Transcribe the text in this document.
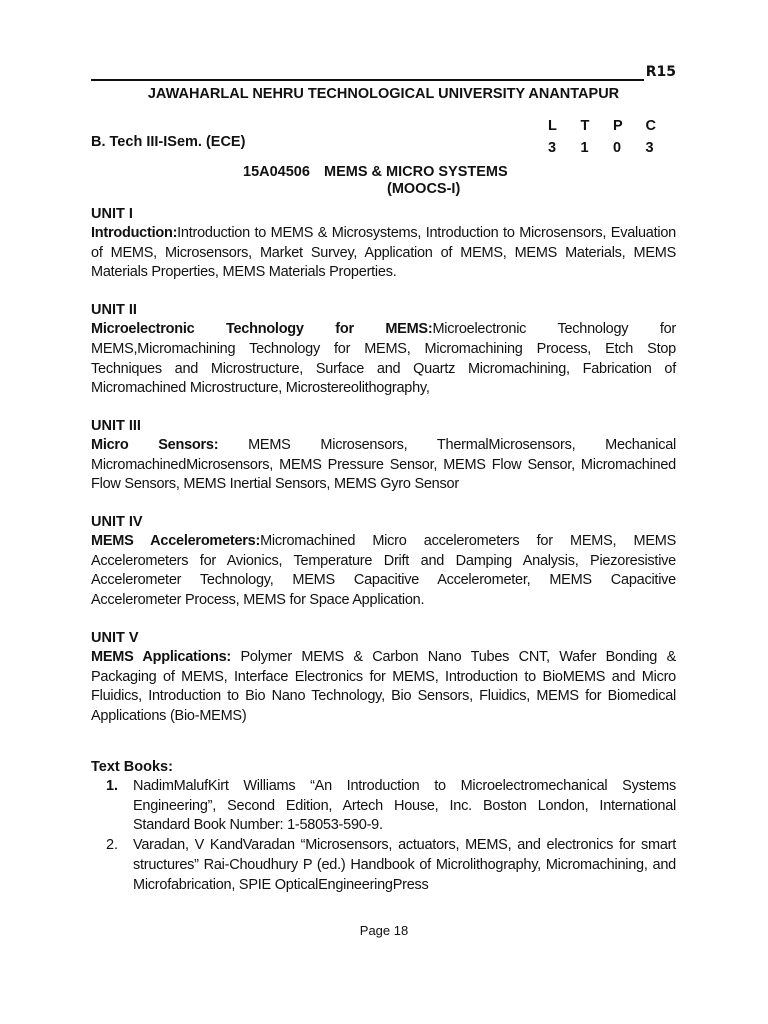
R15
JAWAHARLAL NEHRU TECHNOLOGICAL UNIVERSITY ANANTAPUR
B. Tech III-ISem. (ECE)
L	T	P	C
3	1	0	3
15A04506 MEMS & MICRO SYSTEMS
(MOOCS-I)
UNIT I
Introduction:Introduction to MEMS & Microsystems, Introduction to Microsensors, Evaluation of MEMS, Microsensors, Market Survey, Application of MEMS, MEMS Materials, MEMS Materials Properties, MEMS Materials Properties.
UNIT II
Microelectronic Technology for MEMS:Microelectronic Technology for MEMS,Micromachining Technology for MEMS, Micromachining Process, Etch Stop Techniques and Microstructure, Surface and Quartz Micromachining, Fabrication of Micromachined Microstructure, Microstereolithography,
UNIT III
Micro Sensors: MEMS Microsensors, ThermalMicrosensors, Mechanical MicromachinedMicrosensors, MEMS Pressure Sensor, MEMS Flow Sensor, Micromachined Flow Sensors, MEMS Inertial Sensors, MEMS Gyro Sensor
UNIT IV
MEMS Accelerometers:Micromachined Micro accelerometers for MEMS, MEMS Accelerometers for Avionics, Temperature Drift and Damping Analysis, Piezoresistive Accelerometer Technology, MEMS Capacitive Accelerometer, MEMS Capacitive Accelerometer Process, MEMS for Space Application.
UNIT V
MEMS Applications: Polymer MEMS & Carbon Nano Tubes CNT, Wafer Bonding & Packaging of MEMS, Interface Electronics for MEMS, Introduction to BioMEMS and Micro Fluidics, Introduction to Bio Nano Technology, Bio Sensors, Fluidics, MEMS for Biomedical Applications (Bio-MEMS)
Text Books:
1.	NadimMalufKirt Williams “An Introduction to Microelectromechanical Systems Engineering”, Second Edition, Artech House, Inc. Boston London, International Standard Book Number: 1-58053-590-9.
2.	Varadan, V KandVaradan “Microsensors, actuators, MEMS, and electronics for smart structures” Rai-Choudhury P (ed.) Handbook of Microlithography, Micromachining, and Microfabrication, SPIE OpticalEngineeringPress
Page 18
